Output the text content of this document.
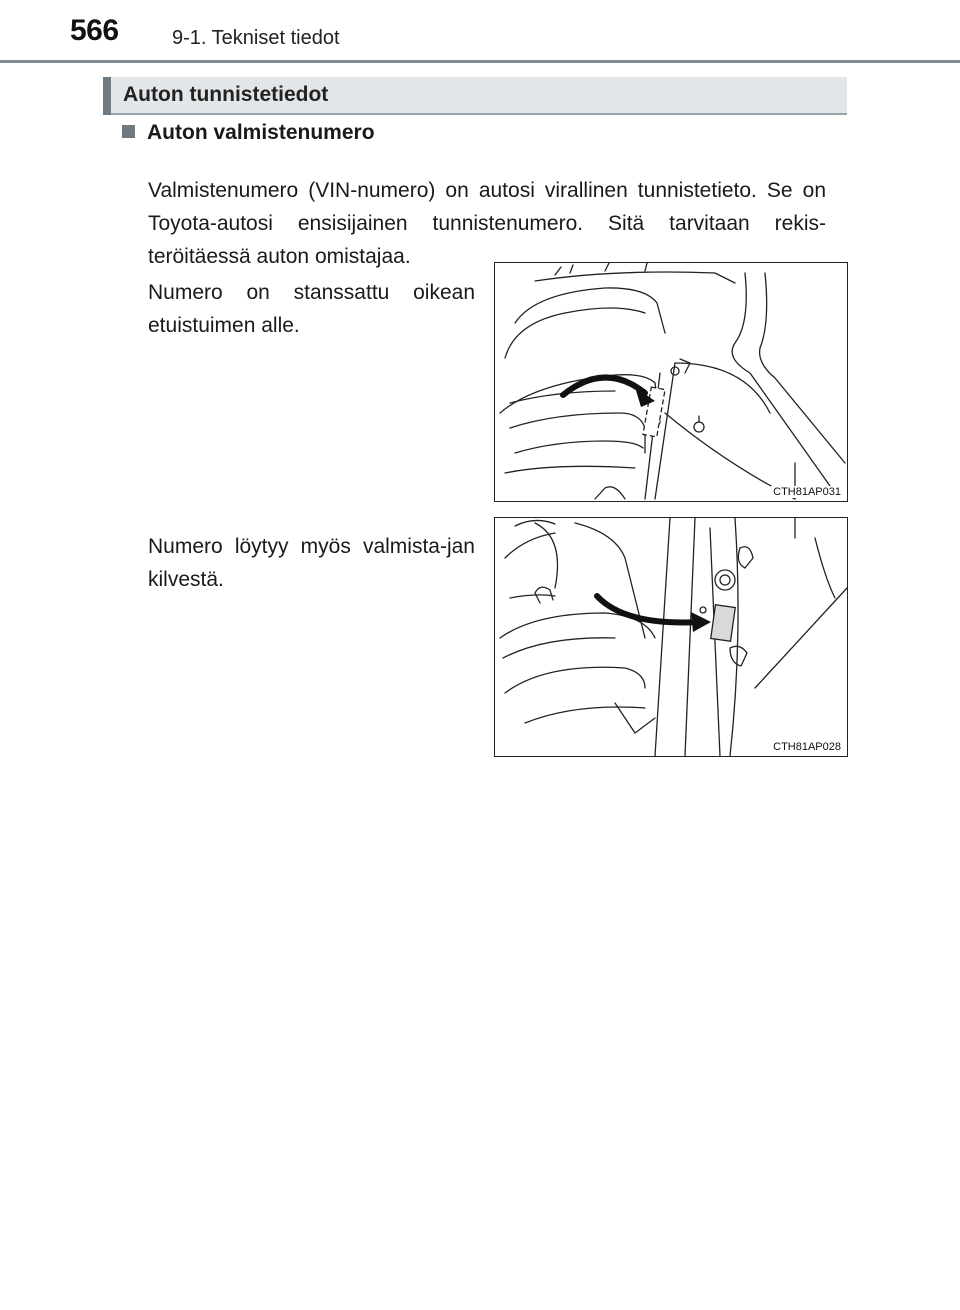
566	9-1. Tekniset tiedot
Auton tunnistetiedot
Auton valmistenumero

Valmistenumero (VIN-numero) on autosi virallinen tunnistetieto. Se on Toyota-autosi ensisijainen tunnistenumero. Sitä tarvitaan rekis-teröitäessä auton omistajaa.

Numero on stanssattu oikean etuistuimen alle.

CTH81AP031

Numero löytyy myös valmista-jan kilvestä.

CTH81AP028
